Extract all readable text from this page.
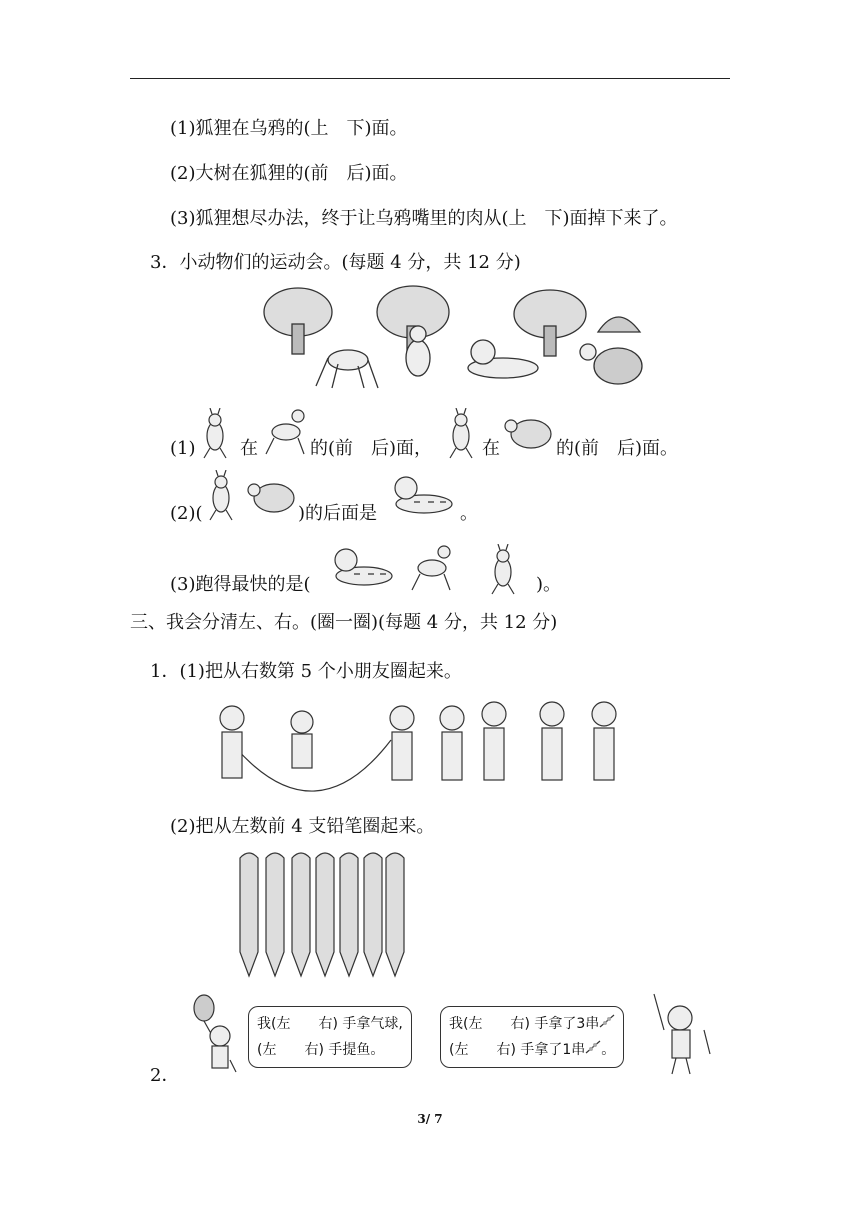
(1)狐狸在乌鸦的(上　下)面。
(2)大树在狐狸的(前　后)面。
(3)狐狸想尽办法，终于让乌鸦嘴里的肉从(上　下)面掉下来了。
3．小动物们的运动会。(每题 4 分，共 12 分)
(1) 在	的(前　后)面，	在	的(前　后)面。
(2)(	)的后面是	。
(3)跑得最快的是(	)。
三、我会分清左、右。(圈一圈)(每题 4 分，共 12 分)
1．(1)把从右数第 5 个小朋友圈起来。
(2)把从左数前 4 支铅笔圈起来。
2．
我(左　　右) 手拿气球,
(左　　右) 手提鱼。
我(左　　右) 手拿了3串
(左　　右) 手拿了1串 。
3/ 7
